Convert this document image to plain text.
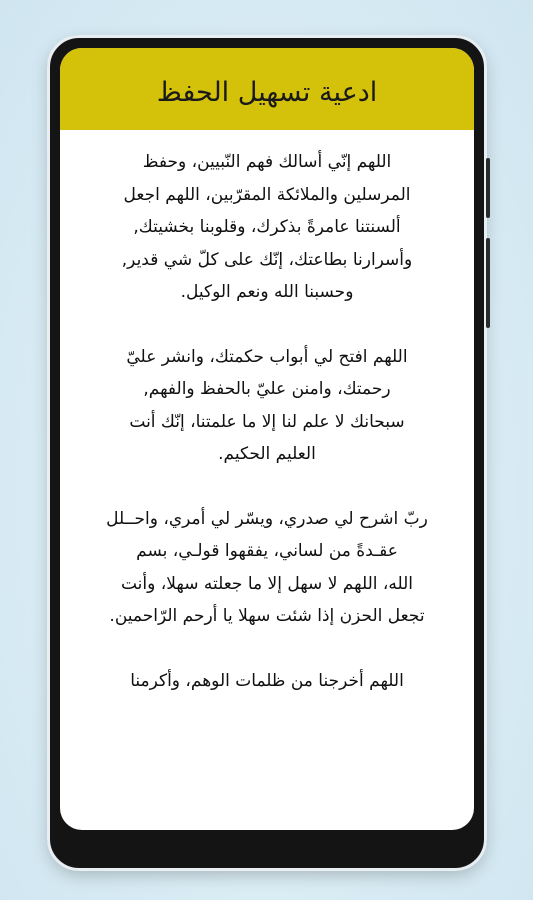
ادعية تسهيل الحفظ

اللهم إنّي أسالك فهم النّبيين، وحفظ
المرسلين والملائكة المقرّبين، اللهم اجعل
ألسنتنا عامرةً بذكرك، وقلوبنا بخشيتك,
وأسرارنا بطاعتك، إنّك على كلّ شي قدير,
وحسبنا الله ونعم الوكيل.

اللهم افتح لي أبواب حكمتك، وانشر عليّ
رحمتك، وامنن عليّ بالحفظ والفهم,
سبحانك لا علم لنا إلا ما علمتنا، إنّك أنت
العليم الحكيم.

ربّ اشرح لي صدري، ويسّر لي أمري، واحــلل
عقـدةً من لساني، يفقهوا قولـي، بسم
الله، اللهم لا سهل إلا ما جعلته سهلا، وأنت
تجعل الحزن إذا شئت سهلا يا أرحم الرّاحمين.

اللهم أخرجنا من ظلمات الوهم، وأكرمنا
